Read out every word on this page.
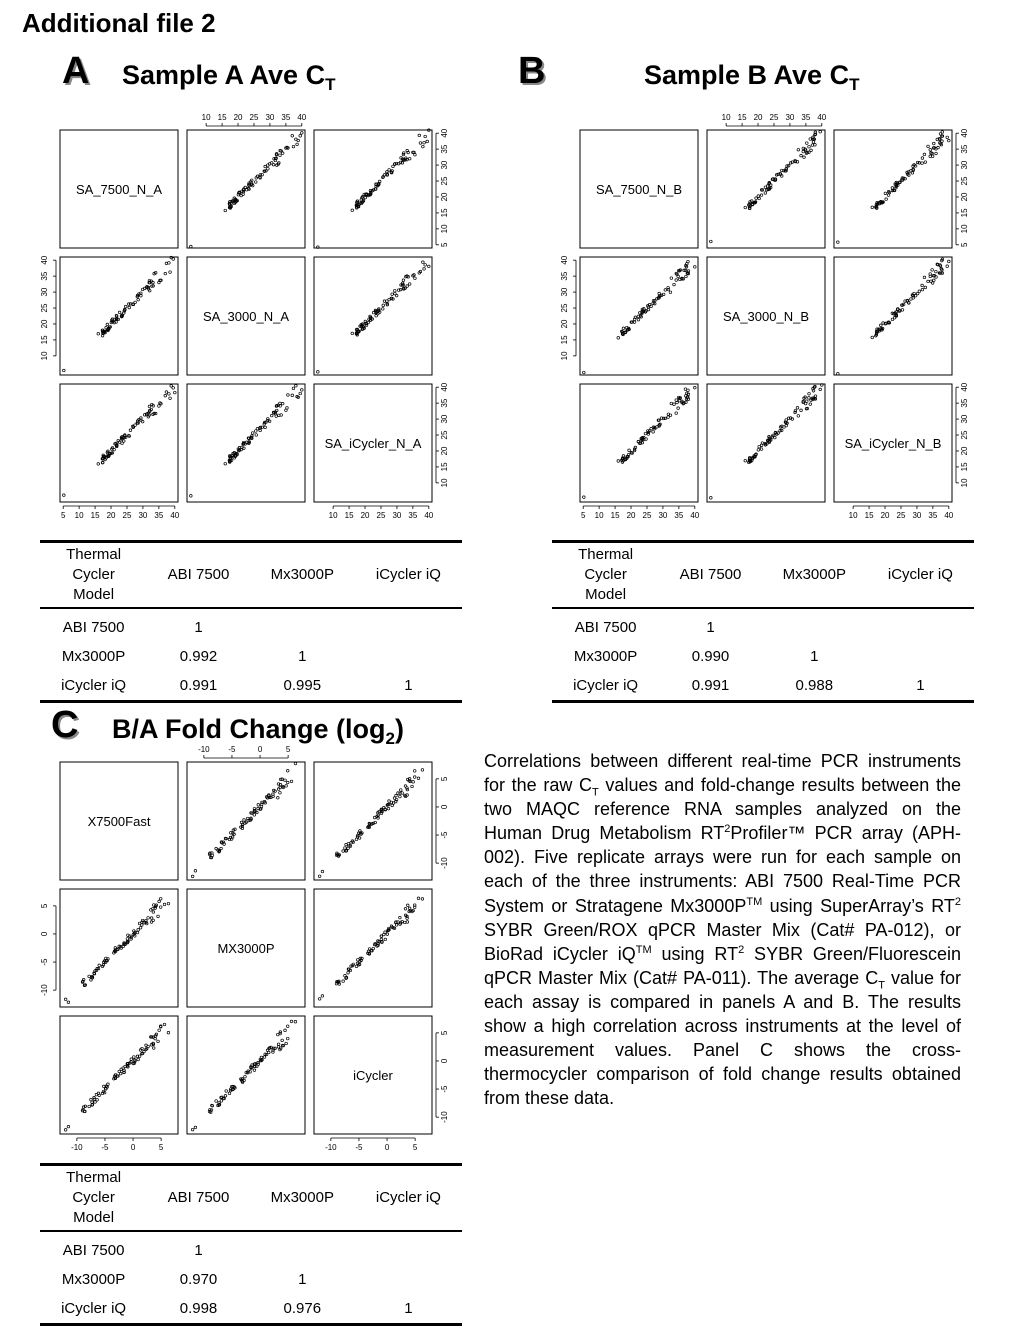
Additional file 2
A Sample A Ave $C_T$
SA_7500_N_A
SA_3000_N_A
SA_iCycler_N_A
10 15 20 25 30 35 40
5
10
15
20
25
30
35
40
10
15
20
25
30
35
40
10
15
20
25
30
35
40
5 10 15 20 25 30 35 40	10 15 20 25 30 35 40
B	Sample B Ave $C_T$
SA_7500_N_B
SA_3000_N_B
SA_iCycler_N_B
10 15 20 25 30 35 40
5
10
15
20
25
30
35
40
10
15
20
25
30
35
40
10
15
20
25
30
35
40
5 10 15 20 25 30 35 40	10 15 20 25 30 35 40
Thermal
Cycler
Model	ABI 7500	Mx3000P	iCycler iQ
ABI 7500	1		
Mx3000P	0.992	1	
iCycler iQ	0.991	0.995	1
Thermal
Cycler
Model	ABI 7500	Mx3000P	iCycler iQ
ABI 7500	1		
Mx3000P	0.990	1	
iCycler iQ	0.991	0.988	1
C B/A Fold Change $(\log_2)$
X7500Fast
MX3000P
iCycler
-10 -5	0	5
-10
-5
0
5
-10
-5
0
5
-10
-5
0
5
-10 -5	0	5	-10 -5	0	5
Thermal
Cycler
Model	ABI 7500	Mx3000P	iCycler iQ
ABI 7500	1		
Mx3000P	0.970	1	
iCycler iQ	0.998	0.976	1
Correlations between different real-time PCR instruments for the raw $C_T$ values and fold-change results between the two MAQC reference RNA samples analyzed on the Human Drug Metabolism $RT^2Profiler™$ PCR array (APH-002). Five replicate arrays were run for each sample on each of the three instruments: ABI 7500 Real-Time PCR System or Stratagene Mx3000P™ using SuperArray’s $RT^2$ SYBR Green/ROX qPCR Master Mix (Cat# PA-012), or BioRad iCycler iQ™ using $RT^2$ SYBR Green/Fluorescein qPCR Master Mix (Cat# PA-011). The average $C_T$ value for each assay is compared in panels A and B. The results show a high correlation across instruments at the level of measurement values. Panel C shows the cross-thermocycler comparison of fold change results obtained from these data.
